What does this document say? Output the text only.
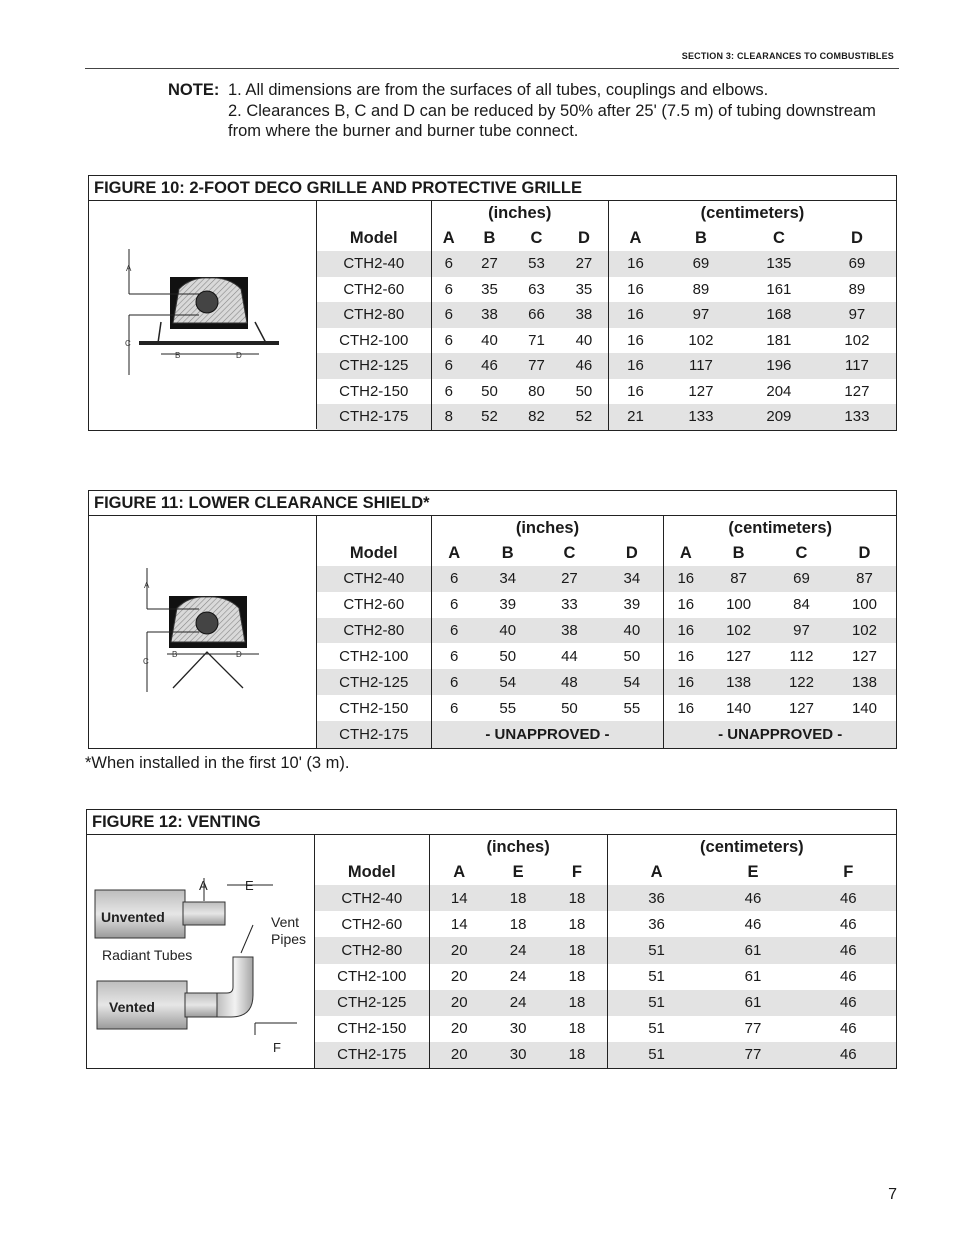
SECTION 3: CLEARANCES TO COMBUSTIBLES
NOTE: 1. All dimensions are from the surfaces of all tubes, couplings and elbows.
2. Clearances B, C and D can be reduced by 50% after 25' (7.5 m) of tubing downstream
from where the burner and burner tube connect.
FIGURE 10: 2-FOOT DECO GRILLE AND PROTECTIVE GRILLE
A
C
B	D
	(inches)				(centimeters)			
Model	A	B	C	D	A	B	C	D
CTH2-40	6	27	53	27	16	69	135	69
CTH2-60	6	35	63	35	16	89	161	89
CTH2-80	6	38	66	38	16	97	168	97
CTH2-100	6	40	71	40	16	102	181	102
CTH2-125	6	46	77	46	16	117	196	117
CTH2-150	6	50	80	50	16	127	204	127
CTH2-175	8	52	82	52	21	133	209	133
FIGURE 11: LOWER CLEARANCE SHIELD*
A
C
B	D
	(inches)				(centimeters)			
Model	A	B	C	D	A	B	C	D
CTH2-40	6	34	27	34	16	87	69	87
CTH2-60	6	39	33	39	16	100	84	100
CTH2-80	6	40	38	40	16	102	97	102
CTH2-100	6	50	44	50	16	127	112	127
CTH2-125	6	54	48	54	16	138	122	138
CTH2-150	6	55	50	55	16	140	127	140
CTH2-175	- UNAPPROVED -				- UNAPPROVED -			
*When installed in the first 10' (3 m).
FIGURE 12: VENTING
A	E
F
Unvented
Vented
Radiant Tubes
Vent
Pipes
	(inches)			(centimeters)		
Model	A	E	F	A	E	F
CTH2-40	14	18	18	36	46	46
CTH2-60	14	18	18	36	46	46
CTH2-80	20	24	18	51	61	46
CTH2-100	20	24	18	51	61	46
CTH2-125	20	24	18	51	61	46
CTH2-150	20	30	18	51	77	46
CTH2-175	20	30	18	51	77	46
7
